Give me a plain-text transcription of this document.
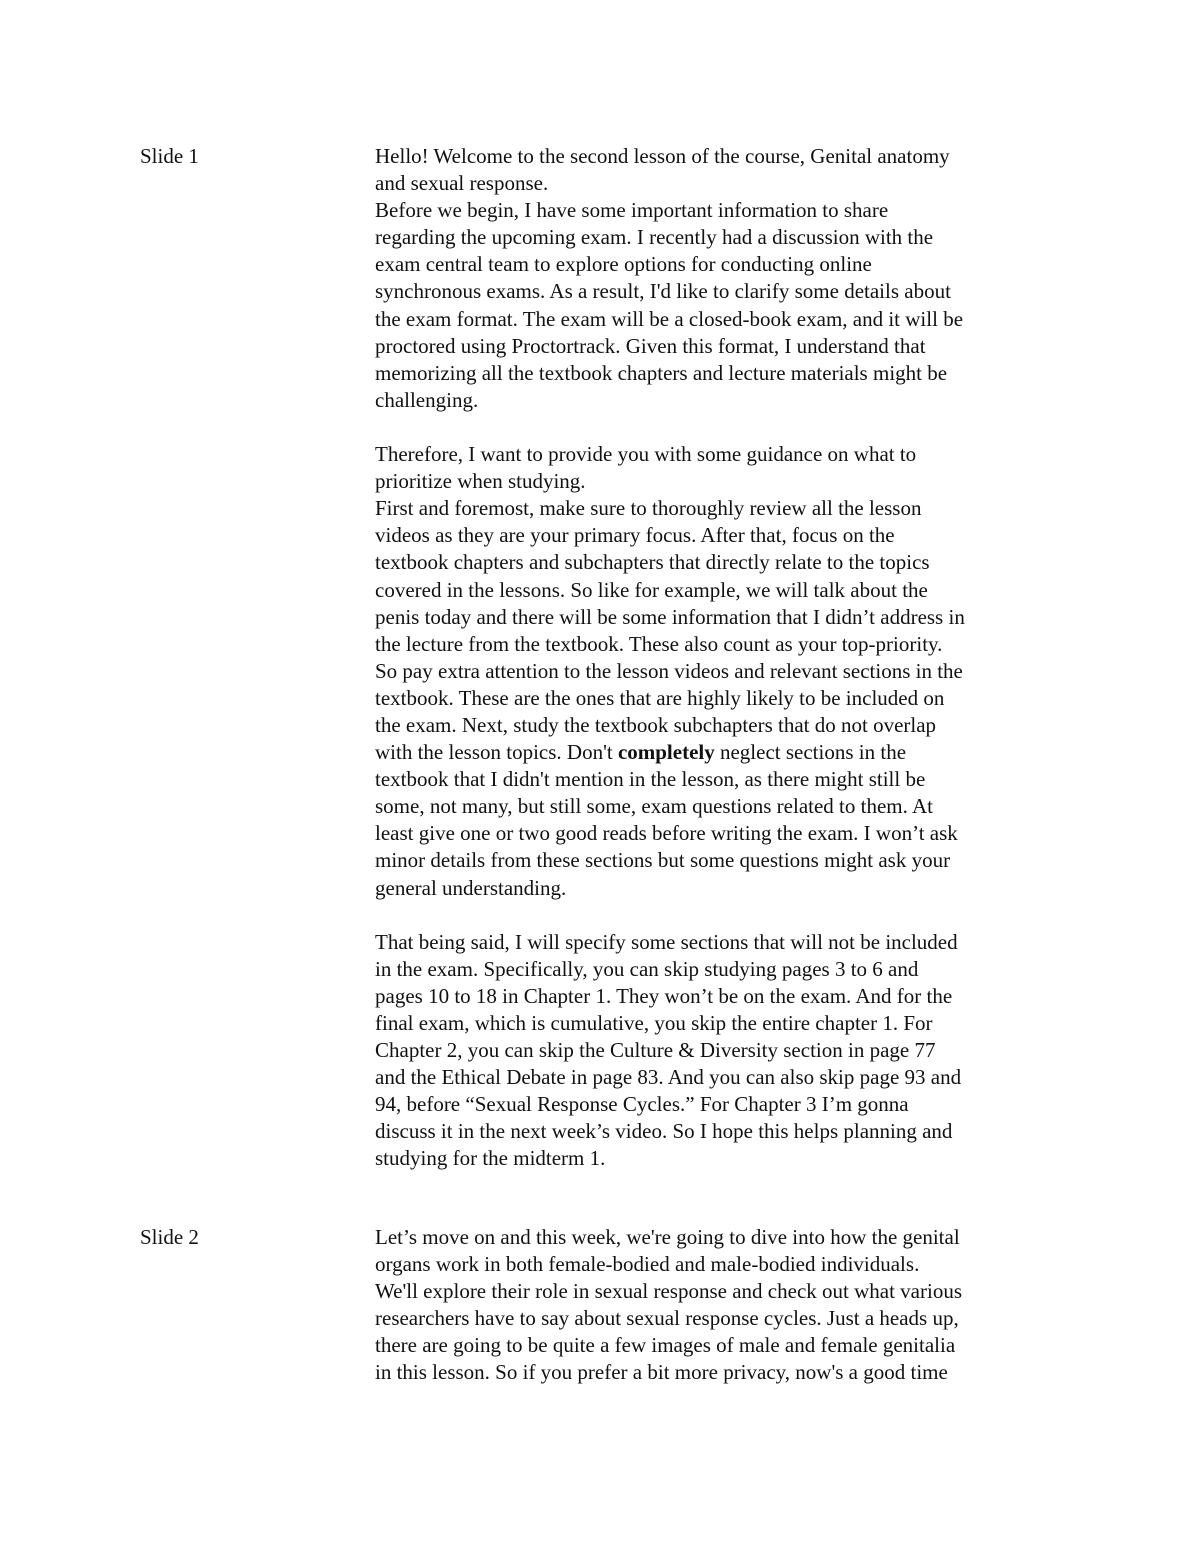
Slide 1	Hello! Welcome to the second lesson of the course, Genital anatomy
and sexual response.
Before we begin, I have some important information to share
regarding the upcoming exam. I recently had a discussion with the
exam central team to explore options for conducting online
synchronous exams. As a result, I'd like to clarify some details about
the exam format. The exam will be a closed-book exam, and it will be
proctored using Proctortrack. Given this format, I understand that
memorizing all the textbook chapters and lecture materials might be
challenging.
Therefore, I want to provide you with some guidance on what to
prioritize when studying.
First and foremost, make sure to thoroughly review all the lesson
videos as they are your primary focus. After that, focus on the
textbook chapters and subchapters that directly relate to the topics
covered in the lessons. So like for example, we will talk about the
penis today and there will be some information that I didn’t address in
the lecture from the textbook. These also count as your top-priority.
So pay extra attention to the lesson videos and relevant sections in the
textbook. These are the ones that are highly likely to be included on
the exam. Next, study the textbook subchapters that do not overlap
with the lesson topics. Don't completely neglect sections in the
textbook that I didn't mention in the lesson, as there might still be
some, not many, but still some, exam questions related to them. At
least give one or two good reads before writing the exam. I won’t ask
minor details from these sections but some questions might ask your
general understanding.
That being said, I will specify some sections that will not be included
in the exam. Specifically, you can skip studying pages 3 to 6 and
pages 10 to 18 in Chapter 1. They won’t be on the exam. And for the
final exam, which is cumulative, you skip the entire chapter 1. For
Chapter 2, you can skip the Culture & Diversity section in page 77
and the Ethical Debate in page 83. And you can also skip page 93 and
94, before “Sexual Response Cycles.” For Chapter 3 I’m gonna
discuss it in the next week’s video. So I hope this helps planning and
studying for the midterm 1.
Slide 2	Let’s move on and this week, we're going to dive into how the genital
organs work in both female-bodied and male-bodied individuals.
We'll explore their role in sexual response and check out what various
researchers have to say about sexual response cycles. Just a heads up,
there are going to be quite a few images of male and female genitalia
in this lesson. So if you prefer a bit more privacy, now's a good time
